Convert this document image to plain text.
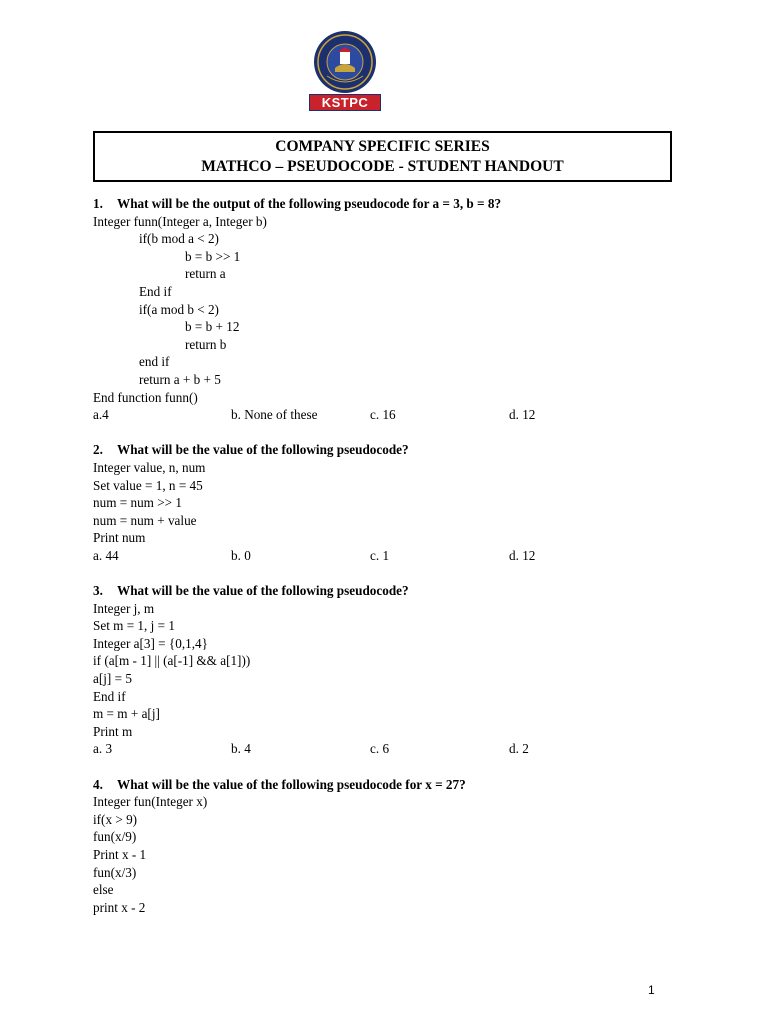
KSTPC
COMPANY SPECIFIC SERIES
MATHCO – PSEUDOCODE - STUDENT HANDOUT
1. What will be the output of the following pseudocode for a = 3, b = 8?
Integer funn(Integer a, Integer b)
if(b mod a < 2)
b = b >> 1
return a
End if
if(a mod b < 2)
b = b + 12
return b
end if
return a + b + 5
End function funn()
a.4	b. None of these	c. 16	d. 12
2. What will be the value of the following pseudocode?
Integer value, n, num
Set value = 1, n = 45
num = num >> 1
num = num + value
Print num
a. 44	b. 0	c. 1	d. 12
3. What will be the value of the following pseudocode?
Integer j, m
Set m = 1, j = 1
Integer a[3] = {0,1,4}
if (a[m - 1] || (a[-1] && a[1]))
a[j] = 5
End if
m = m + a[j]
Print m
a. 3	b. 4	c. 6	d. 2
4. What will be the value of the following pseudocode for x = 27?
Integer fun(Integer x)
if(x > 9)
fun(x/9)
Print x - 1
fun(x/3)
else
print x - 2
1
